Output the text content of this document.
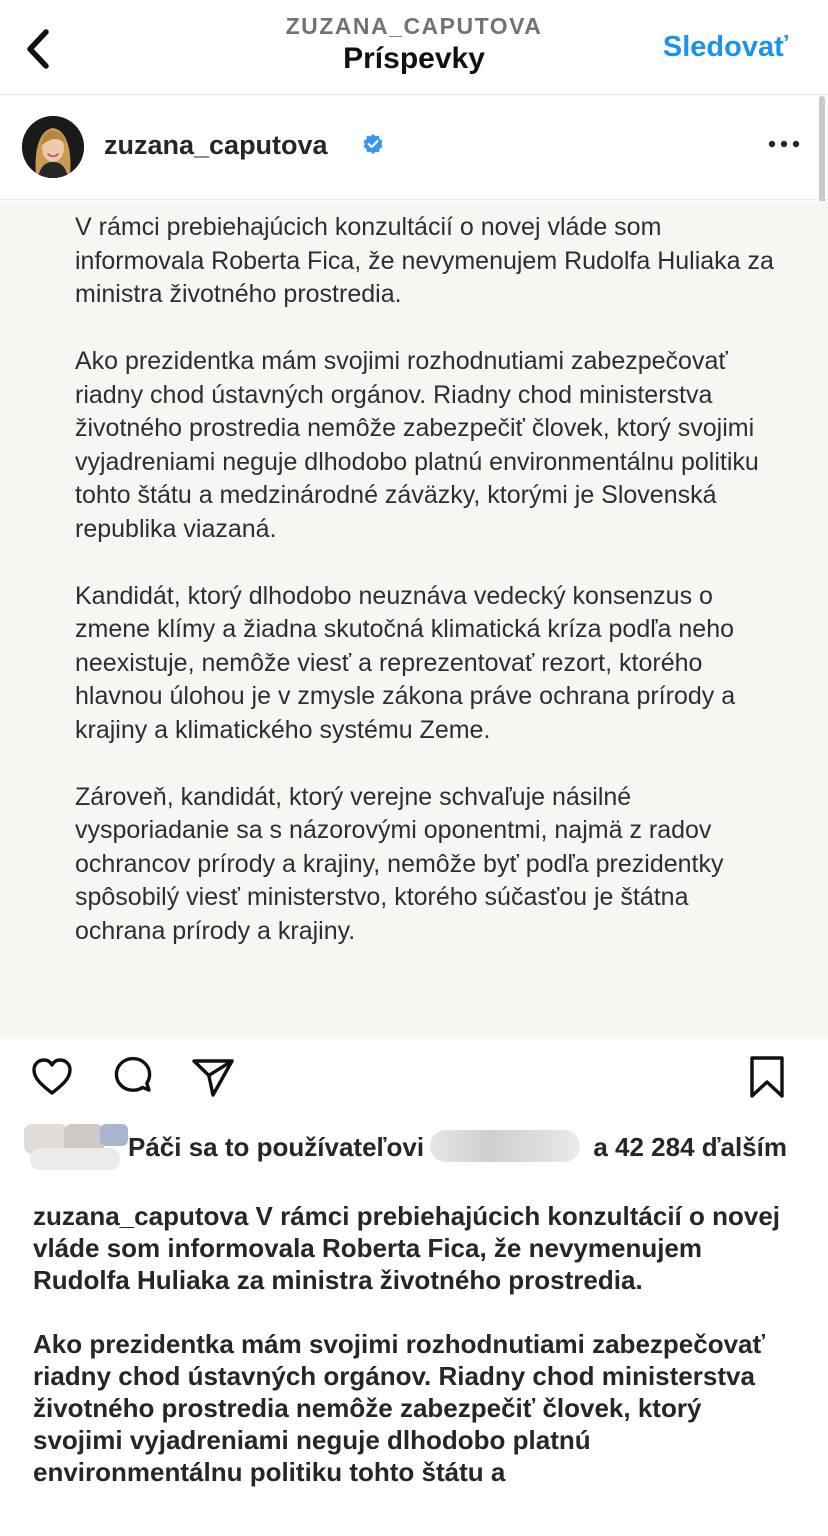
ZUZANA_CAPUTOVA
Príspevky	Sledovať
zuzana_caputova

V rámci prebiehajúcich konzultácií o novej vláde som informovala Roberta Fica, že nevymenujem Rudolfa Huliaka za ministra životného prostredia.

Ako prezidentka mám svojimi rozhodnutiami zabezpečovať riadny chod ústavných orgánov. Riadny chod ministerstva životného prostredia nemôže zabezpečiť človek, ktorý svojimi vyjadreniami neguje dlhodobo platnú environmentálnu politiku tohto štátu a medzinárodné záväzky, ktorými je Slovenská republika viazaná.

Kandidát, ktorý dlhodobo neuznáva vedecký konsenzus o zmene klímy a žiadna skutočná klimatická kríza podľa neho neexistuje, nemôže viesť a reprezentovať rezort, ktorého hlavnou úlohou je v zmysle zákona práve ochrana prírody a krajiny a klimatického systému Zeme.

Zároveň, kandidát, ktorý verejne schvaľuje násilné vysporiadanie sa s názorovými oponentmi, najmä z radov ochrancov prírody a krajiny, nemôže byť podľa prezidentky spôsobilý viesť ministerstvo, ktorého súčasťou je štátna ochrana prírody a krajiny.

Páči sa to používateľovi	a 42 284 ďalším

zuzana_caputova V rámci prebiehajúcich konzultácií o novej vláde som informovala Roberta Fica, že nevymenujem Rudolfa Huliaka za ministra životného prostredia.

Ako prezidentka mám svojimi rozhodnutiami zabezpečovať riadny chod ústavných orgánov. Riadny chod ministerstva životného prostredia nemôže zabezpečiť človek, ktorý svojimi vyjadreniami neguje dlhodobo platnú environmentálnu politiku tohto štátu a
